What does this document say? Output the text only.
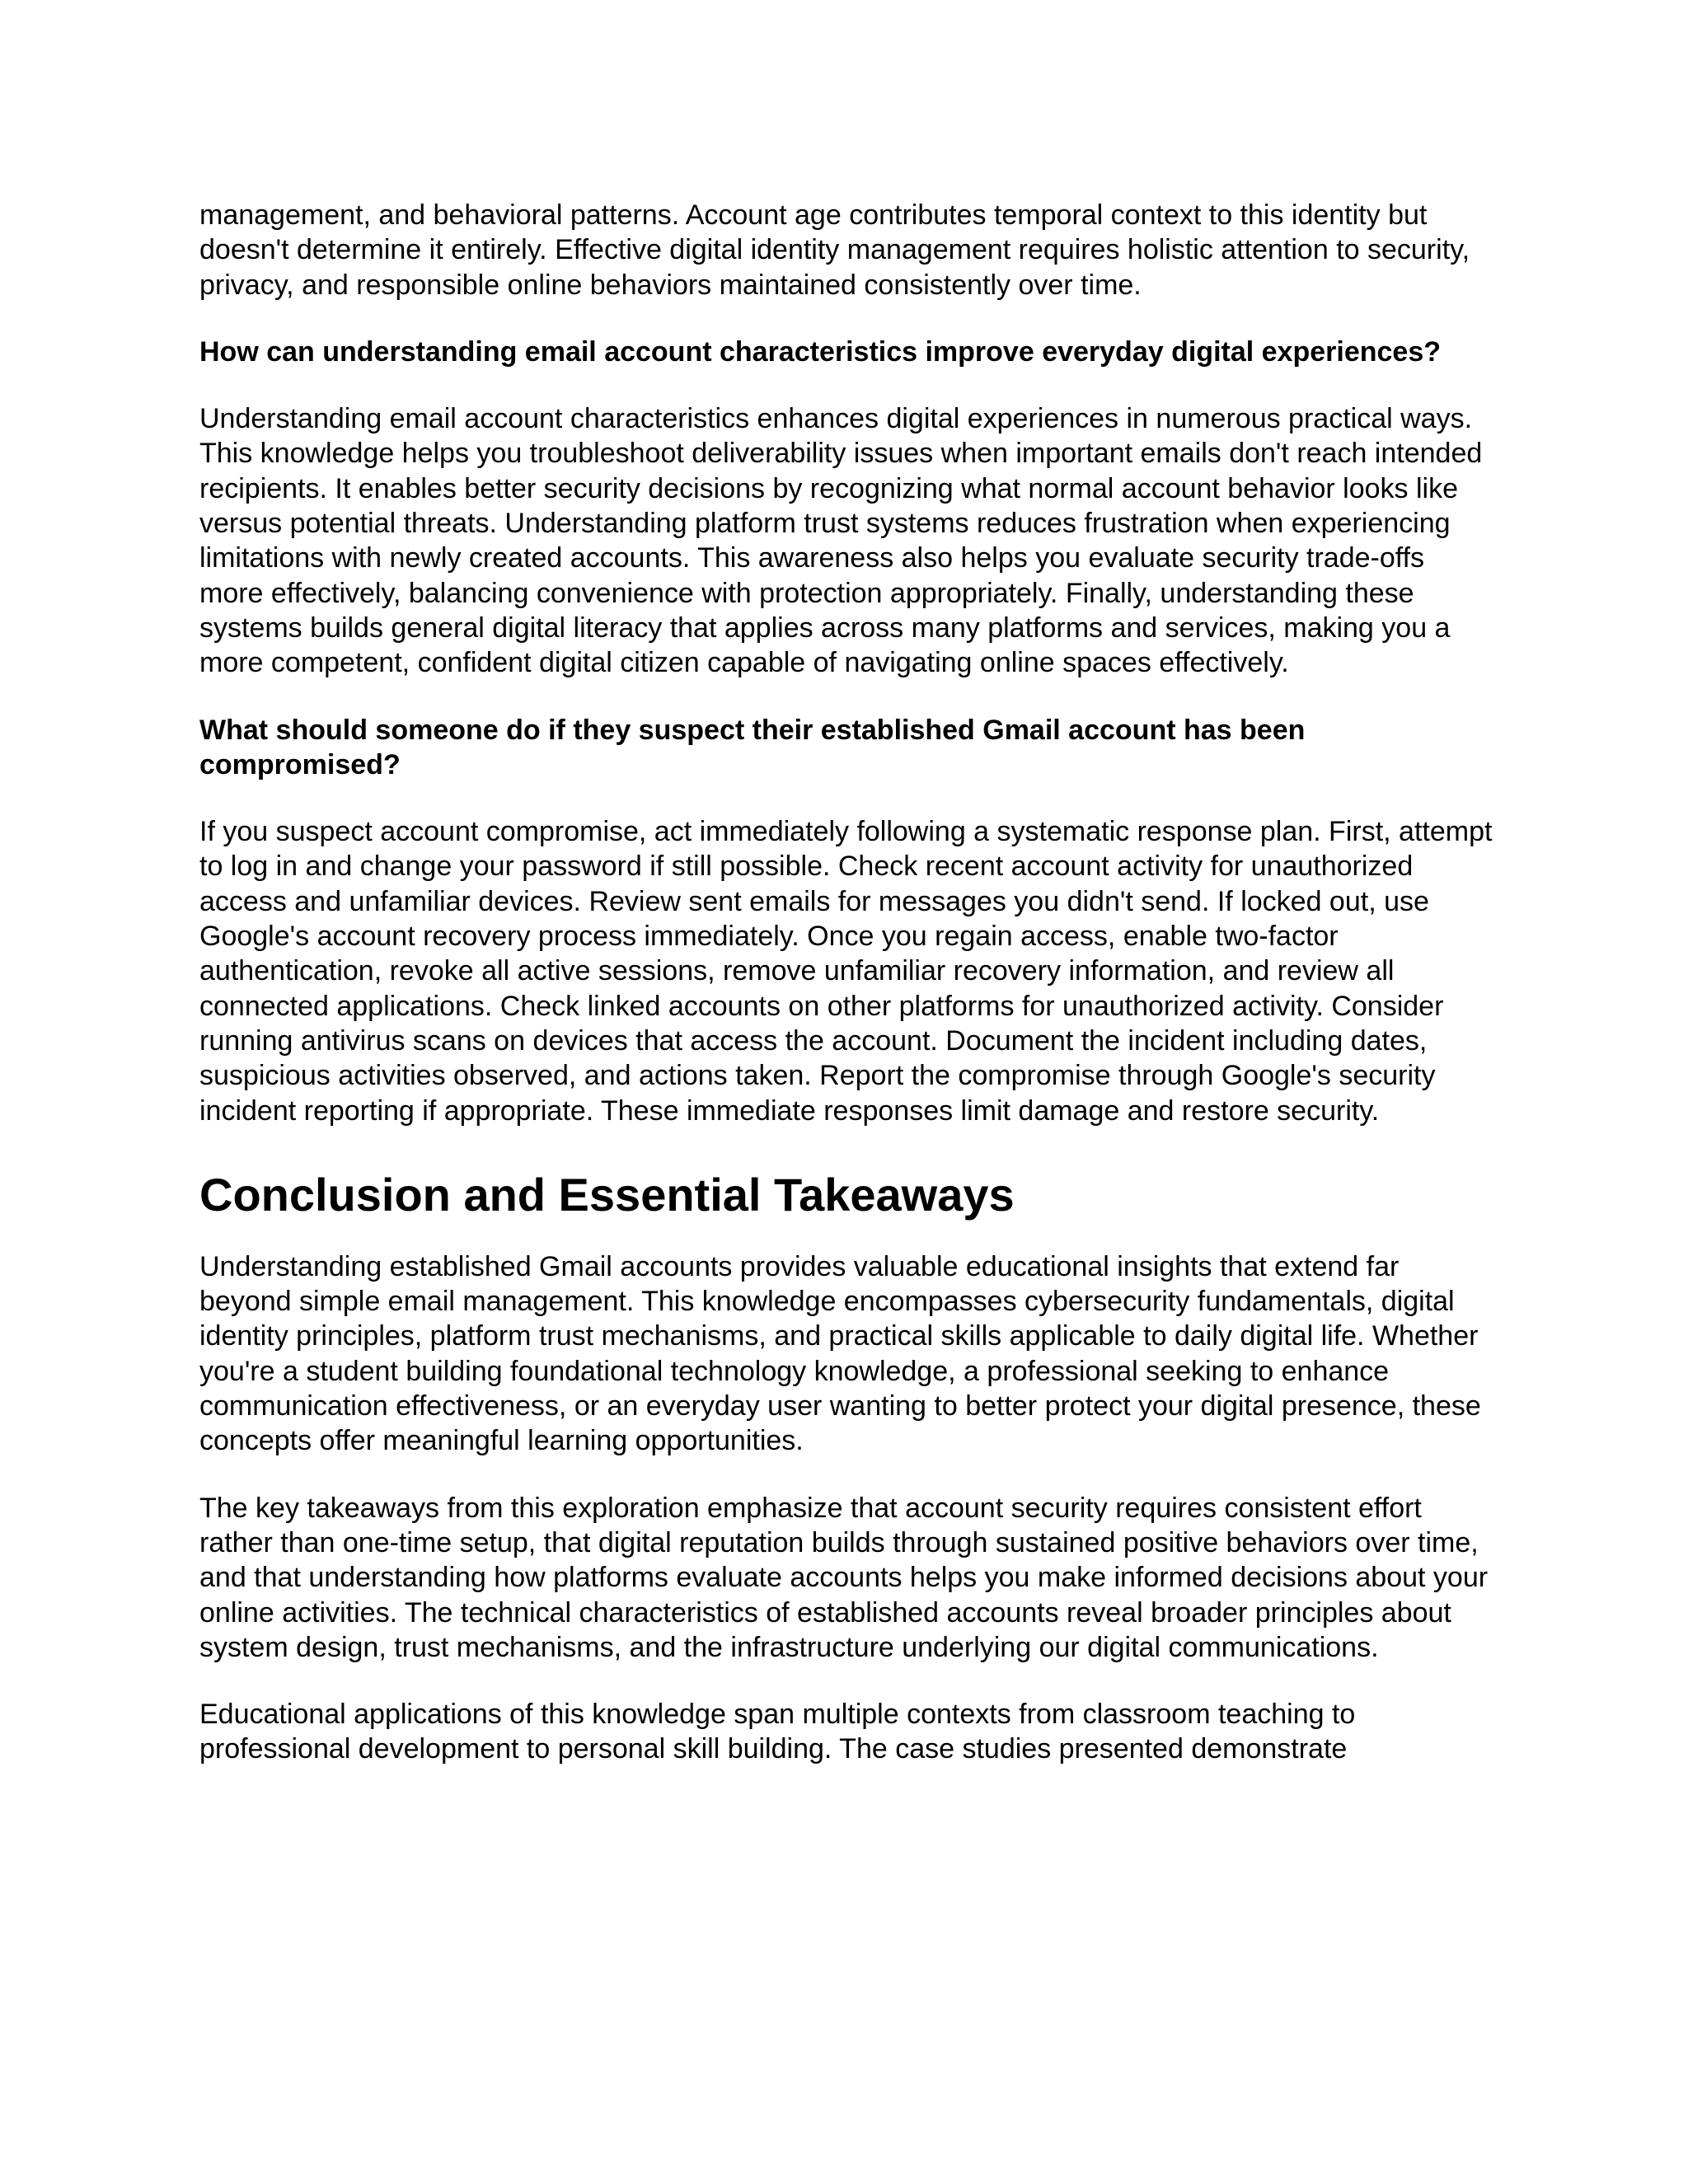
management, and behavioral patterns. Account age contributes temporal context to this identity but doesn't determine it entirely. Effective digital identity management requires holistic attention to security, privacy, and responsible online behaviors maintained consistently over time.

How can understanding email account characteristics improve everyday digital experiences?

Understanding email account characteristics enhances digital experiences in numerous practical ways. This knowledge helps you troubleshoot deliverability issues when important emails don't reach intended recipients. It enables better security decisions by recognizing what normal account behavior looks like versus potential threats. Understanding platform trust systems reduces frustration when experiencing limitations with newly created accounts. This awareness also helps you evaluate security trade-offs more effectively, balancing convenience with protection appropriately. Finally, understanding these systems builds general digital literacy that applies across many platforms and services, making you a more competent, confident digital citizen capable of navigating online spaces effectively.

What should someone do if they suspect their established Gmail account has been compromised?

If you suspect account compromise, act immediately following a systematic response plan. First, attempt to log in and change your password if still possible. Check recent account activity for unauthorized access and unfamiliar devices. Review sent emails for messages you didn't send. If locked out, use Google's account recovery process immediately. Once you regain access, enable two-factor authentication, revoke all active sessions, remove unfamiliar recovery information, and review all connected applications. Check linked accounts on other platforms for unauthorized activity. Consider running antivirus scans on devices that access the account. Document the incident including dates, suspicious activities observed, and actions taken. Report the compromise through Google's security incident reporting if appropriate. These immediate responses limit damage and restore security.

Conclusion and Essential Takeaways

Understanding established Gmail accounts provides valuable educational insights that extend far beyond simple email management. This knowledge encompasses cybersecurity fundamentals, digital identity principles, platform trust mechanisms, and practical skills applicable to daily digital life. Whether you're a student building foundational technology knowledge, a professional seeking to enhance communication effectiveness, or an everyday user wanting to better protect your digital presence, these concepts offer meaningful learning opportunities.

The key takeaways from this exploration emphasize that account security requires consistent effort rather than one-time setup, that digital reputation builds through sustained positive behaviors over time, and that understanding how platforms evaluate accounts helps you make informed decisions about your online activities. The technical characteristics of established accounts reveal broader principles about system design, trust mechanisms, and the infrastructure underlying our digital communications.

Educational applications of this knowledge span multiple contexts from classroom teaching to professional development to personal skill building. The case studies presented demonstrate
